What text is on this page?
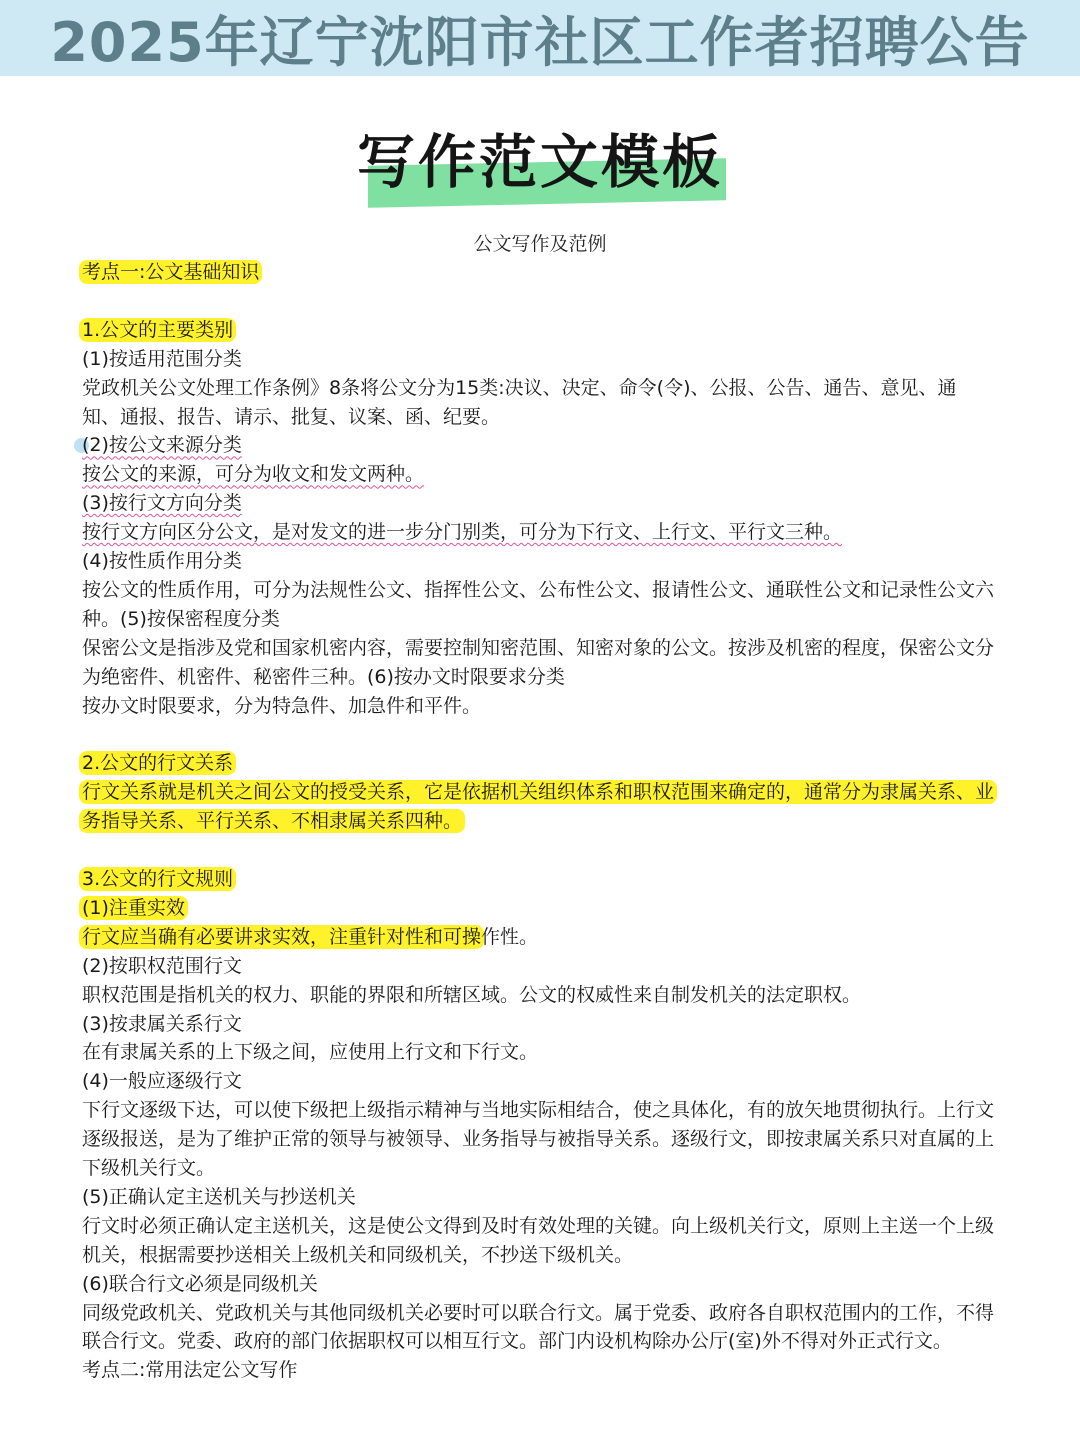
2025年辽宁沈阳市社区工作者招聘公告
写作范文模板
公文写作及范例

考点一:公文基础知识

1.公文的主要类别

(1)按适用范围分类

党政机关公文处理工作条例》8条将公文分为15类:决议、决定、命令(令)、公报、公告、通告、意见、通知、通报、报告、请示、批复、议案、函、纪要。

(2)按公文来源分类

按公文的来源，可分为收文和发文两种。

(3)按行文方向分类

按行文方向区分公文，是对发文的进一步分门别类，可分为下行文、上行文、平行文三种。

(4)按性质作用分类

按公文的性质作用，可分为法规性公文、指挥性公文、公布性公文、报请性公文、通联性公文和记录性公文六种。(5)按保密程度分类

保密公文是指涉及党和国家机密内容，需要控制知密范围、知密对象的公文。按涉及机密的程度，保密公文分为绝密件、机密件、秘密件三种。(6)按办文时限要求分类

按办文时限要求，分为特急件、加急件和平件。

2.公文的行文关系

行文关系就是机关之间公文的授受关系，它是依据机关组织体系和职权范围来确定的，通常分为隶属关系、业务指导关系、平行关系、不相隶属关系四种。

3.公文的行文规则

(1)注重实效

行文应当确有必要讲求实效，注重针对性和可操作性。

(2)按职权范围行文

职权范围是指机关的权力、职能的界限和所辖区域。公文的权威性来自制发机关的法定职权。

(3)按隶属关系行文

在有隶属关系的上下级之间，应使用上行文和下行文。

(4)一般应逐级行文

下行文逐级下达，可以使下级把上级指示精神与当地实际相结合，使之具体化，有的放矢地贯彻执行。上行文逐级报送，是为了维护正常的领导与被领导、业务指导与被指导关系。逐级行文，即按隶属关系只对直属的上下级机关行文。

(5)正确认定主送机关与抄送机关

行文时必须正确认定主送机关，这是使公文得到及时有效处理的关键。向上级机关行文，原则上主送一个上级机关，根据需要抄送相关上级机关和同级机关，不抄送下级机关。

(6)联合行文必须是同级机关

同级党政机关、党政机关与其他同级机关必要时可以联合行文。属于党委、政府各自职权范围内的工作，不得联合行文。党委、政府的部门依据职权可以相互行文。部门内设机构除办公厅(室)外不得对外正式行文。

考点二:常用法定公文写作
